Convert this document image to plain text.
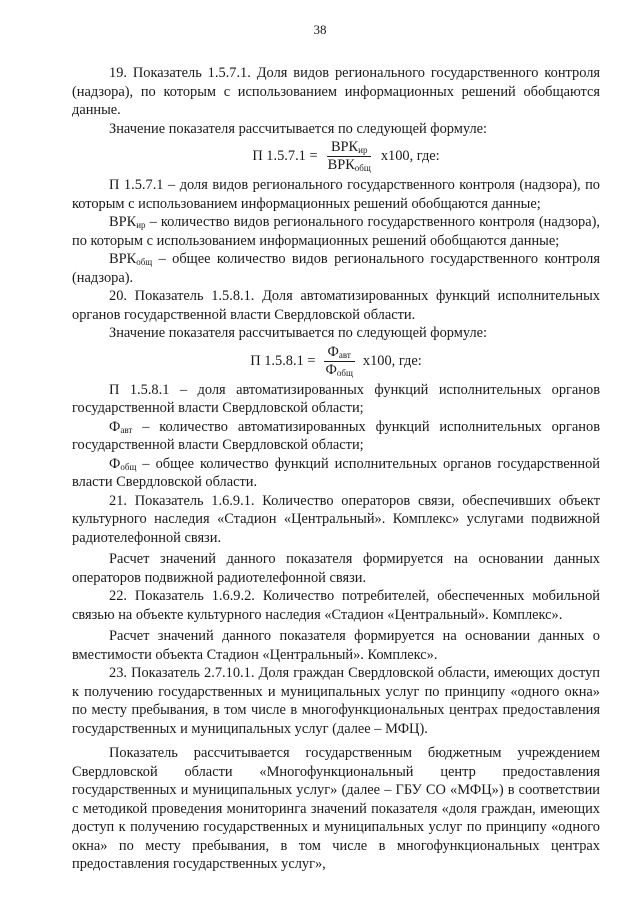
38

19. Показатель 1.5.7.1. Доля видов регионального государственного контроля (надзора), по которым с использованием информационных решений обобщаются данные.

Значение показателя рассчитывается по следующей формуле:

П $1.5.7.1 = \frac{ВРК_{ир}}{ВРК_{общ}} х100$, где:

П 1.5.7.1 – доля видов регионального государственного контроля (надзора), по которым с использованием информационных решений обобщаются данные;

$ВРК_{ир}$ – количество видов регионального государственного контроля (надзора), по которым с использованием информационных решений обобщаются данные;

$ВРК_{общ}$ – общее количество видов регионального государственного контроля (надзора).

20. Показатель 1.5.8.1. Доля автоматизированных функций исполнительных органов государственной власти Свердловской области.

Значение показателя рассчитывается по следующей формуле:

П $1.5.8.1 = \frac{Ф_{авт}}{Ф_{общ}} х100$, где:

П 1.5.8.1 – доля автоматизированных функций исполнительных органов государственной власти Свердловской области;

$Ф_{авт}$ – количество автоматизированных функций исполнительных органов государственной власти Свердловской области;

$Ф_{общ}$ – общее количество функций исполнительных органов государственной власти Свердловской области.

21. Показатель 1.6.9.1. Количество операторов связи, обеспечивших объект культурного наследия «Стадион «Центральный». Комплекс» услугами подвижной радиотелефонной связи.

Расчет значений данного показателя формируется на основании данных операторов подвижной радиотелефонной связи.

22. Показатель 1.6.9.2. Количество потребителей, обеспеченных мобильной связью на объекте культурного наследия «Стадион «Центральный». Комплекс».

Расчет значений данного показателя формируется на основании данных о вместимости объекта Стадион «Центральный». Комплекс».

23. Показатель 2.7.10.1. Доля граждан Свердловской области, имеющих доступ к получению государственных и муниципальных услуг по принципу «одного окна» по месту пребывания, в том числе в многофункциональных центрах предоставления государственных и муниципальных услуг (далее – МФЦ).

Показатель рассчитывается государственным бюджетным учреждением Свердловской области «Многофункциональный центр предоставления государственных и муниципальных услуг» (далее – ГБУ СО «МФЦ») в соответствии с методикой проведения мониторинга значений показателя «доля граждан, имеющих доступ к получению государственных и муниципальных услуг по принципу «одного окна» по месту пребывания, в том числе в многофункциональных центрах предоставления государственных услуг»,
